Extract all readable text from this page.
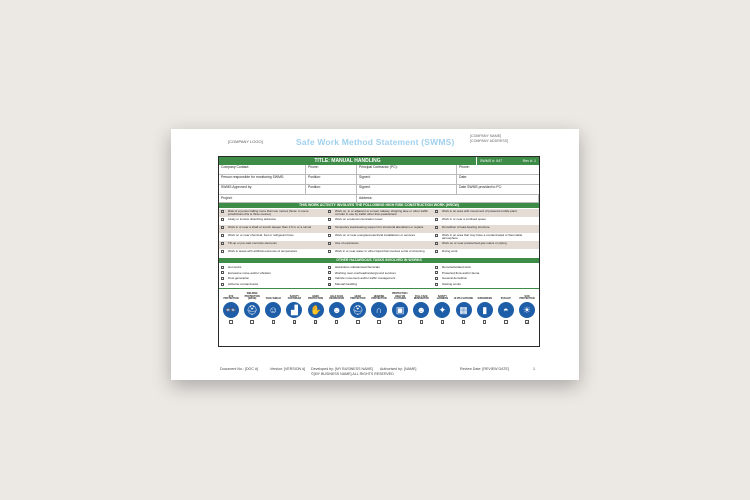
[COMPANY LOGO]	Safe Work Method Statement (SWMS)
[COMPANY NAME]
[COMPANY ADDRESS]
TITLE: MANUAL HANDLING	SWMS #: 047	Rev #: 1
Company Contact:	Phone:	Principal Contractor (PC):	Phone:
Person responsible for monitoring SWMS:	Position:	Signed:	Date:
SWMS Approved by:	Position:	Signed:	Date SWMS provided to PC:
Project:	Address:
THIS WORK ACTIVITY INVOLVES THE FOLLOWING HIGH RISK CONSTRUCTION WORK (HRCW)
Risk of a person falling more than two metres (Note: in some jurisdictions this is three metres)
Work on, in or adjacent to a road, railway, shipping lane or other traffic corridor in use by traffic other than pedestrians
Work in an area with movement of powered mobile plant
Likely to involve disturbing asbestos	Work on a telecommunication tower	Work in or near a confined space
Work in or near a shaft or trench deeper than 1.5 m or a tunnel	Temporary load-bearing support for structural alterations or repairs	Demolition of load-bearing structure
Work on or near chemical, fuel or refrigerant lines	Work on or near energised electrical installations or services	Work in an area that may have a contaminated or flammable atmosphere
Tilt-up or pre-cast concrete elements	Use of explosives	Work on or near pressurised gas mains or piping
Work in areas with artificial extremes of temperature	Work in or near water or other liquid that involves a risk of drowning	Diving work
OTHER HAZARDOUS TASKS INVOLVED IN WORKS
Hot works	Hazardous substances/chemicals	Remote/isolated work
Excessive noise and/or vibration	Working near overhead/underground services	Protected flora and/or fauna
Dust generation	Vehicle movement and/or traffic management	General demolition
Airborne contaminants
✓	Manual handling	Glazing works
EYE PROTECTION
👓
WELDING PROTECTION (MASK)
⛑
FACE SHIELD
☺
SAFETY FOOTWEAR
▟
✓
HAND PROTECTION
✋
✓
HALF FACE RESPIRATOR
☻
HEAD PROTECTION
⛑
HEARING PROTECTION
∩
PROTECTIVE / HIGH VIS CLOTHING
▣
FULL FACE RESPIRATOR
☻
SAFETY HARNESS
✦
HI VIS CLOTHING
▦
SUNSCREEN
▮
SUN HAT
◓
SUN PROTECTION
☀
✓
Document No.: [DOC #]	Version: [VERSION #] Developed by: [MY BUSINESS NAME] Authorised by: [NAME]	Review Date: [REVIEW DATE]	1
©[MY BUSINESS NAME] ALL RIGHTS RESERVED
